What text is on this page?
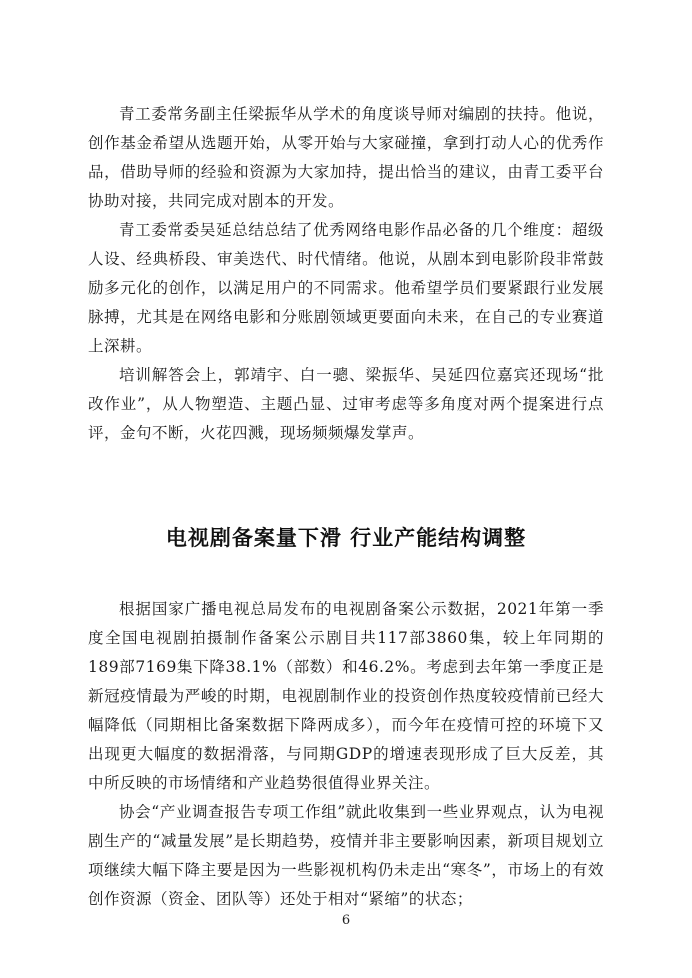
青工委常务副主任梁振华从学术的角度谈导师对编剧的扶持。他说，创作基金希望从选题开始，从零开始与大家碰撞，拿到打动人心的优秀作品，借助导师的经验和资源为大家加持，提出恰当的建议，由青工委平台协助对接，共同完成对剧本的开发。

青工委常委吴延总结总结了优秀网络电影作品必备的几个维度：超级人设、经典桥段、审美迭代、时代情绪。他说，从剧本到电影阶段非常鼓励多元化的创作，以满足用户的不同需求。他希望学员们要紧跟行业发展脉搏，尤其是在网络电影和分账剧领域更要面向未来，在自己的专业赛道上深耕。

培训解答会上，郭靖宇、白一骢、梁振华、吴延四位嘉宾还现场“批改作业”，从人物塑造、主题凸显、过审考虑等多角度对两个提案进行点评，金句不断，火花四溅，现场频频爆发掌声。

电视剧备案量下滑 行业产能结构调整

根据国家广播电视总局发布的电视剧备案公示数据，2021年第一季度全国电视剧拍摄制作备案公示剧目共117部3860集，较上年同期的189部7169集下降38.1%（部数）和46.2%。考虑到去年第一季度正是新冠疫情最为严峻的时期，电视剧制作业的投资创作热度较疫情前已经大幅降低（同期相比备案数据下降两成多），而今年在疫情可控的环境下又出现更大幅度的数据滑落，与同期GDP的增速表现形成了巨大反差，其中所反映的市场情绪和产业趋势很值得业界关注。

协会“产业调查报告专项工作组”就此收集到一些业界观点，认为电视剧生产的“减量发展”是长期趋势，疫情并非主要影响因素，新项目规划立项继续大幅下降主要是因为一些影视机构仍未走出“寒冬”，市场上的有效创作资源（资金、团队等）还处于相对“紧缩”的状态；

6
